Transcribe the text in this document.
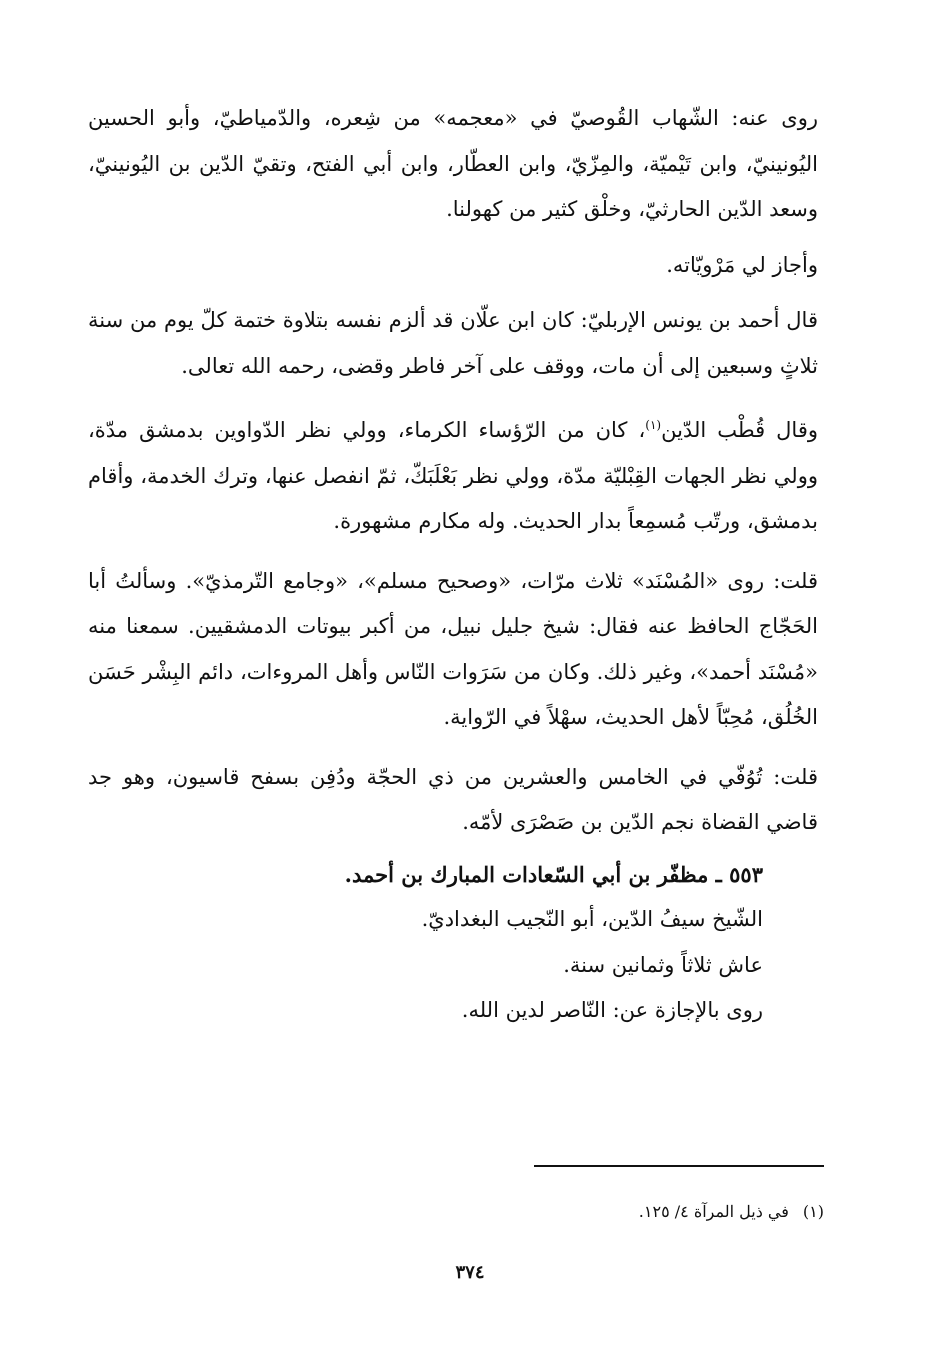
روى عنه: الشّهاب القُوصيّ في «معجمه» من شِعره، والدّمياطيّ، وأبو الحسين اليُونينيّ، وابن تَيْميّة، والمِزّيّ، وابن العطّار، وابن أبي الفتح، وتقيّ الدّين بن اليُونينيّ، وسعد الدّين الحارثيّ، وخلْق كثير من كهولنا.

وأجاز لي مَرْويّاته.

قال أحمد بن يونس الإربليّ: كان ابن علّان قد ألزم نفسه بتلاوة ختمة كلّ يوم من سنة ثلاثٍ وسبعين إلى أن مات، ووقف على آخر فاطر وقضى، رحمه الله تعالى.

وقال قُطْب الدّين$^{(١)}$، كان من الرّؤساء الكرماء، وولي نظر الدّواوين بدمشق مدّة، وولي نظر الجهات القِبْليّة مدّة، وولي نظر بَعْلَبَكّ، ثمّ انفصل عنها، وترك الخدمة، وأقام بدمشق، ورتّب مُسمِعاً بدار الحديث. وله مكارم مشهورة.

قلت: روى «المُسْنَد» ثلاث مرّات، «وصحيح مسلم»، «وجامع التّرمذيّ». وسألتُ أبا الحَجّاج الحافظ عنه فقال: شيخ جليل نبيل، من أكبر بيوتات الدمشقيين. سمعنا منه «مُسْنَد أحمد»، وغير ذلك. وكان من سَرَوات النّاس وأهل المروءات، دائم البِشْر حَسَن الخُلُق، مُحِبّاً لأهل الحديث، سهْلاً في الرّواية.

قلت: تُوُفّي في الخامس والعشرين من ذي الحجّة ودُفِن بسفح قاسيون، وهو جد قاضي القضاة نجم الدّين بن صَصْرَى لأمّه.

٥٥٣ ـ مظفّر بن أبي السّعادات المبارك بن أحمد.

الشّيخ سيفُ الدّين، أبو النّجيب البغداديّ.

عاش ثلاثاً وثمانين سنة.

روى بالإجازة عن: النّاصر لدين الله.

(١)في ذيل المرآة ٤/ ١٢٥.
٣٧٤
